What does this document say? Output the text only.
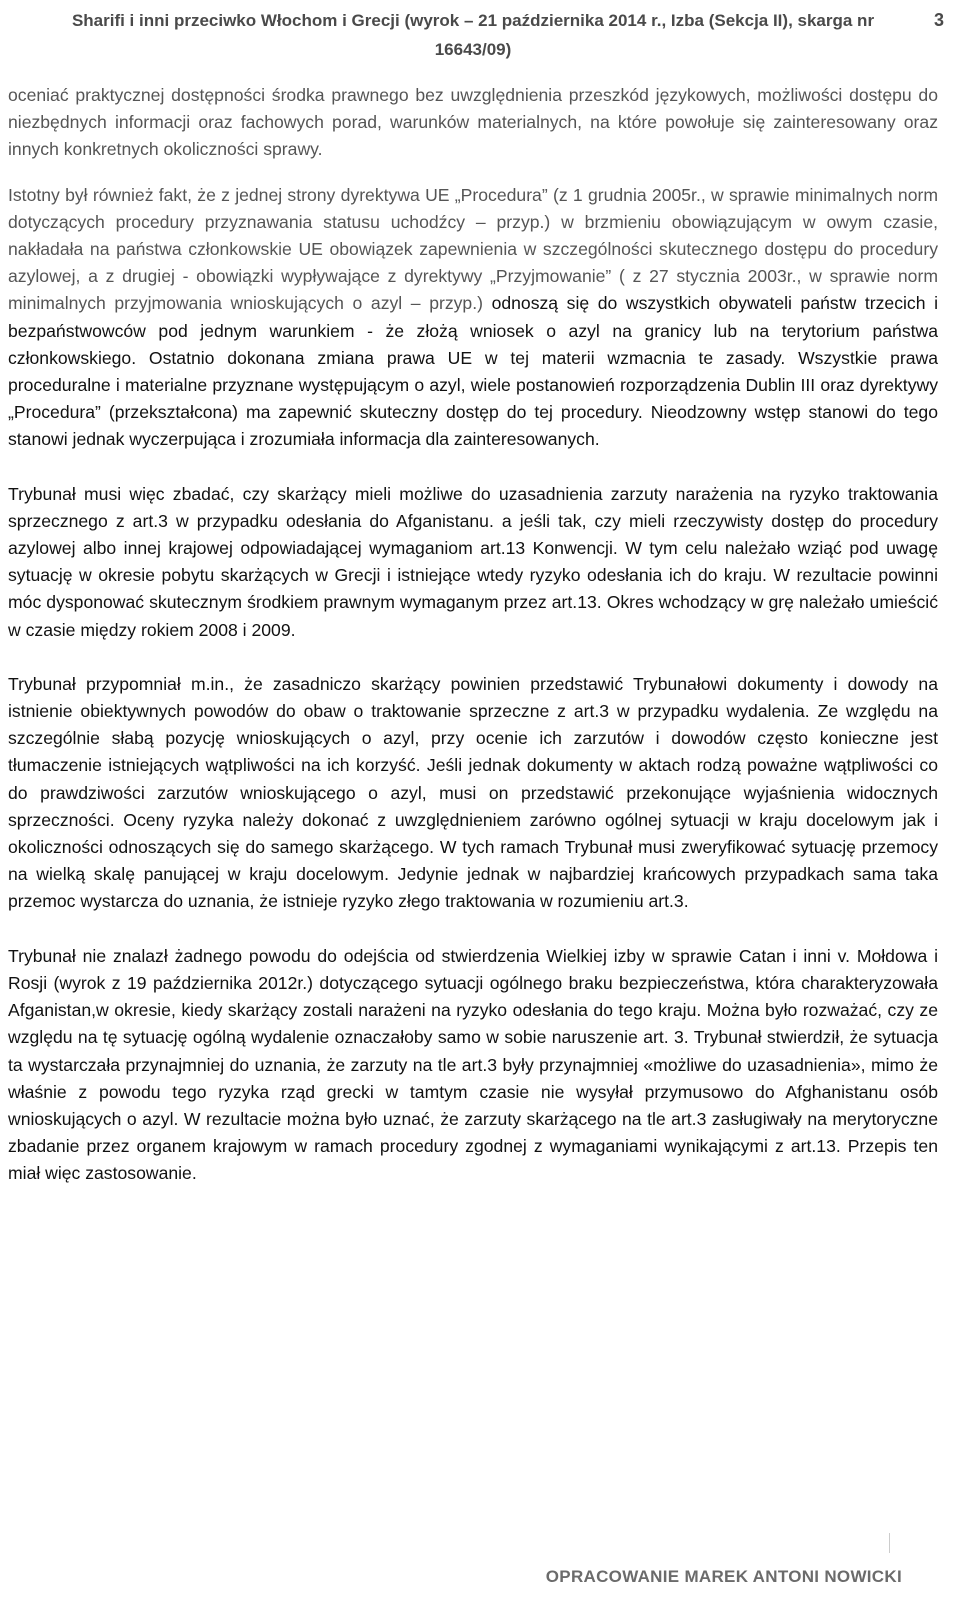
Sharifi i inni przeciwko Włochom i Grecji (wyrok – 21 października 2014 r., Izba (Sekcja II), skarga nr 16643/09)
3

oceniać praktycznej dostępności środka prawnego bez uwzględnienia przeszkód językowych, możliwości dostępu do niezbędnych informacji oraz fachowych porad, warunków materialnych, na które powołuje się zainteresowany oraz innych konkretnych okoliczności sprawy.

Istotny był również fakt, że z jednej strony dyrektywa UE „Procedura” (z 1 grudnia 2005r., w sprawie minimalnych norm dotyczących procedury przyznawania statusu uchodźcy – przyp.) w brzmieniu obowiązującym w owym czasie, nakładała na państwa członkowskie UE obowiązek zapewnienia w szczególności skutecznego dostępu do procedury azylowej, a z drugiej - obowiązki wypływające z dyrektywy „Przyjmowanie” ( z 27 stycznia 2003r., w sprawie norm minimalnych przyjmowania wnioskujących o azyl – przyp.) odnoszą się do wszystkich obywateli państw trzecich i bezpaństwowców pod jednym warunkiem - że złożą wniosek o azyl na granicy lub na terytorium państwa członkowskiego. Ostatnio dokonana zmiana prawa UE w tej materii wzmacnia te zasady. Wszystkie prawa proceduralne i materialne przyznane występującym o azyl, wiele postanowień rozporządzenia Dublin III oraz dyrektywy „Procedura” (przekształcona) ma zapewnić skuteczny dostęp do tej procedury. Nieodzowny wstęp stanowi do tego stanowi jednak wyczerpująca i zrozumiała informacja dla zainteresowanych.

Trybunał musi więc zbadać, czy skarżący mieli możliwe do uzasadnienia zarzuty narażenia na ryzyko traktowania sprzecznego z art.3 w przypadku odesłania do Afganistanu. a jeśli tak, czy mieli rzeczywisty dostęp do procedury azylowej albo innej krajowej odpowiadającej wymaganiom art.13 Konwencji. W tym celu należało wziąć pod uwagę sytuację w okresie pobytu skarżących w Grecji i istniejące wtedy ryzyko odesłania ich do kraju. W rezultacie powinni móc dysponować skutecznym środkiem prawnym wymaganym przez art.13. Okres wchodzący w grę należało umieścić w czasie między rokiem 2008 i 2009.

Trybunał przypomniał m.in., że zasadniczo skarżący powinien przedstawić Trybunałowi dokumenty i dowody na istnienie obiektywnych powodów do obaw o traktowanie sprzeczne z art.3 w przypadku wydalenia. Ze względu na szczególnie słabą pozycję wnioskujących o azyl, przy ocenie ich zarzutów i dowodów często konieczne jest tłumaczenie istniejących wątpliwości na ich korzyść. Jeśli jednak dokumenty w aktach rodzą poważne wątpliwości co do prawdziwości zarzutów wnioskującego o azyl, musi on przedstawić przekonujące wyjaśnienia widocznych sprzeczności. Oceny ryzyka należy dokonać z uwzględnieniem zarówno ogólnej sytuacji w kraju docelowym jak i okoliczności odnoszących się do samego skarżącego. W tych ramach Trybunał musi zweryfikować sytuację przemocy na wielką skalę panującej w kraju docelowym. Jedynie jednak w najbardziej krańcowych przypadkach sama taka przemoc wystarcza do uznania, że istnieje ryzyko złego traktowania w rozumieniu art.3.

Trybunał nie znalazł żadnego powodu do odejścia od stwierdzenia Wielkiej izby w sprawie Catan i inni v. Mołdowa i Rosji (wyrok z 19 października 2012r.) dotyczącego sytuacji ogólnego braku bezpieczeństwa, która charakteryzowała Afganistan,w okresie, kiedy skarżący zostali narażeni na ryzyko odesłania do tego kraju. Można było rozważać, czy ze względu na tę sytuację ogólną wydalenie oznaczałoby samo w sobie naruszenie art. 3. Trybunał stwierdził, że sytuacja ta wystarczała przynajmniej do uznania, że zarzuty na tle art.3 były przynajmniej «możliwe do uzasadnienia», mimo że właśnie z powodu tego ryzyka rząd grecki w tamtym czasie nie wysyłał przymusowo do Afghanistanu osób wnioskujących o azyl. W rezultacie można było uznać, że zarzuty skarżącego na tle art.3 zasługiwały na merytoryczne zbadanie przez organem krajowym w ramach procedury zgodnej z wymaganiami wynikającymi z art.13. Przepis ten miał więc zastosowanie.

OPRACOWANIE MAREK ANTONI NOWICKI
